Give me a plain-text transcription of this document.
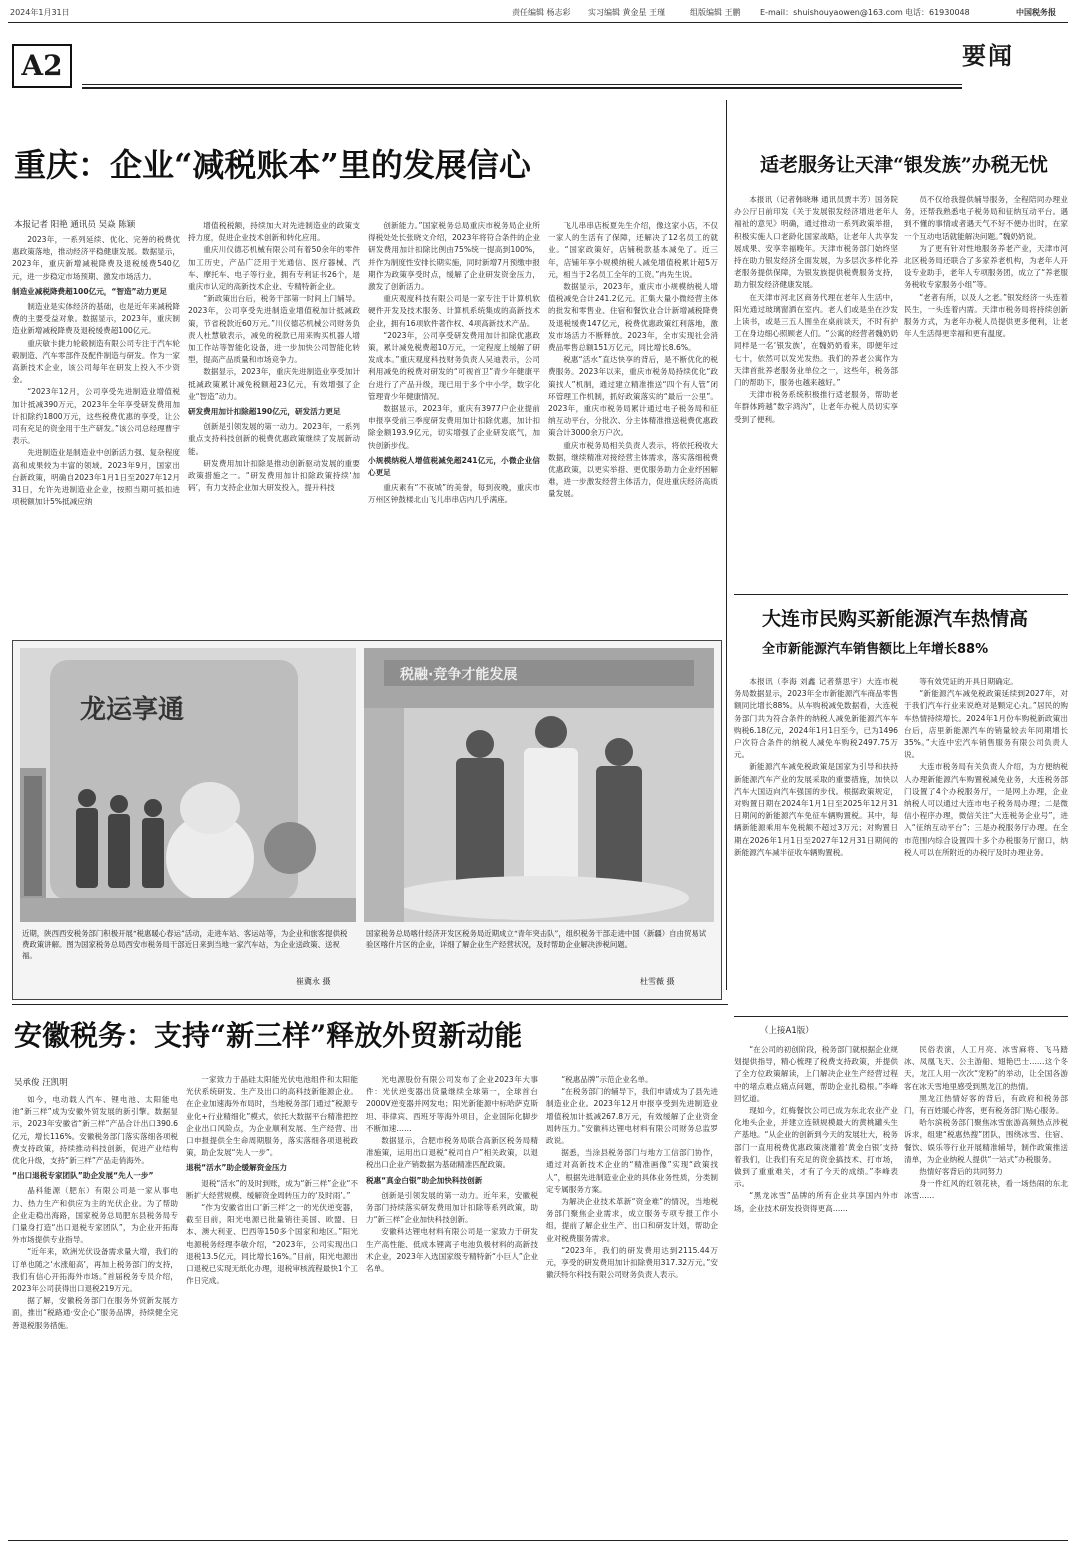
2024年1月31日	责任编辑 杨志彩 实习编辑 黄金星 王瑾	组版编辑 王鹏 E-mail：shuishouyaowen@163.com 电话：61930048	中国税务报
A2	要闻
重庆：企业“减税账本”里的发展信心
本报记者 阳艳 通讯员 吴焱 陈颖

2023年，一系列延续、优化、完善的税费优惠政策落地，推动经济平稳健康发展。数据显示，2023年，重庆新增减税降费及退税缓费540亿元，进一步稳定市场预期、激发市场活力。

制造业减税降费超100亿元，“智造”动力更足

制造业是实体经济的基础，也是近年来减税降费的主要受益对象。数据显示，2023年，重庆制造业新增减税降费及退税缓费超100亿元。

重庆敏卡捷力轮毂制造有限公司专注于汽车轮毂制造、汽车零部件及配件制造与研发。作为一家高新技术企业，该公司每年在研发上投入不少资金。

“2023年12月，公司享受先进制造业增值税加计抵减390万元，2023年全年享受研发费用加计扣除约1800万元，这些税费优惠的享受，让公司有充足的资金用于生产研发。”该公司总经理曹宇表示。

先进制造业是制造业中创新活力强、复杂程度高和成果较为丰富的领域。2023年9月，国家出台新政策，明确自2023年1月1日至2027年12月31日，允许先进制造业企业，按照当期可抵扣进项税额加计5%抵减应纳

增值税税额，持续加大对先进制造业的政策支持力度，促进企业技术创新和转化应用。

重庆川仪德芯机械有限公司有着50余年的零件加工历史，产品广泛用于光通信、医疗器械、汽车、摩托车、电子等行业，拥有专利证书26个，是重庆市认定的高新技术企业、专精特新企业。

“新政策出台后，税务干部第一时间上门辅导。2023年，公司享受先进制造业增值税加计抵减政策，节省税款近60万元。”川仪德芯机械公司财务负责人杜慧敏表示，减免的税款已用来购买机器人增加工作站等智能化设备，进一步加快公司智能化转型，提高产品质量和市场竞争力。

数据显示，2023年，重庆先进制造业享受加计抵减政策累计减免税额超23亿元，有效增强了企业“智造”动力。

研发费用加计扣除超190亿元，研发活力更足

创新是引领发展的第一动力。2023年，一系列重点支持科技创新的税费优惠政策继续了发展新动能。

研发费用加计扣除是推动创新驱动发展的重要政策措施之一。“研发费用加计扣除政策持续‘加码’，有力支持企业加大研发投入，提升科技

创新能力。”国家税务总局重庆市税务局企业所得税处处长张晓文介绍，2023年将符合条件的企业研发费用加计扣除比例由75%统一提高到100%，并作为制度性安排长期实施，同时新增7月预缴申报期作为政策享受时点，缓解了企业研发资金压力，激发了创新活力。

重庆观度科技有限公司是一家专注于计算机软硬件开发及技术服务、计算机系统集成的高新技术企业，拥有16项软件著作权、4项高新技术产品。

“2023年，公司享受研发费用加计扣除优惠政策，累计减免税费超10万元，一定程度上缓解了研发成本。”重庆观度科技财务负责人吴迪表示，公司利用减免的税费对研发的“可视首卫”青少年健康平台进行了产品升级，现已用于多个中小学，数字化管理青少年健康情况。

数据显示，2023年，重庆有3977户企业提前申报享受前三季度研发费用加计扣除优惠，加计扣除金额193.9亿元，切实增强了企业研发底气，加快创新步伐。

小规模纳税人增值税减免超241亿元，小微企业信心更足

重庆素有“不夜城”的美誉，每到夜晚，重庆市万州区钟鼓楼北山飞儿串串店内几乎满座。

飞儿串串店板夏先生介绍，像这家小店，不仅一家人的生活有了保障，还解决了12名员工的就业。“国家政策好，店铺税款基本减免了。近三年，店铺年享小规模纳税人减免增值税累计超5万元，相当于2名员工全年的工资。”冉先生说。

数据显示，2023年，重庆市小规模纳税人增值税减免合计241.2亿元。汇集大量小微经营主体的批发和零售业、住宿和餐饮业合计新增减税降费及退税缓费147亿元，税费优惠政策红利落地，激发市场活力不断释放。2023年，全市实现社会消费品零售总额151万亿元，同比增长8.6%。

税惠“活水”直达快享的背后，是不断优化的税费服务。2023年以来，重庆市税务局持续优化“政策找人”机制，通过建立精准推送“四个有人管”闭环管理工作机制，抓好政策落实的“最后一公里”。2023年，重庆市税务局累计通过电子税务局和征纳互动平台，分批次、分主体精准推送税费优惠政策合计3000余万户次。

重庆市税务局相关负责人表示，将依托税收大数据，继续精准对接经营主体需求，落实落细税费优惠政策，以更实举措、更优服务助力企业纾困解难，进一步激发经营主体活力，促进重庆经济高质量发展。

适老服务让天津“银发族”办税无忧

本报讯（记者韩晓琳 通讯员贾丰芳）国务院办公厅日前印发《关于发展银发经济增进老年人福祉的意见》明确，通过推动一系列政策举措，积极实施人口老龄化国家战略，让老年人共享发展成果、安享幸福晚年。天津市税务部门始终坚持在助力银发经济全面发展，为多层次多样化养老服务提供保障，为银发族提供税费服务支持，助力银发经济健康发展。

在天津市河北区商务代理在老年人生活中，阳光通过玻璃窗洒在室内。老人们或是坐在沙发上读书，或是三五人围坐在桌前谈天，不时有护工在身边细心照顾老人们。“公寓的经营者魏奶奶同样是一名‘银发族’，在魏奶奶看来，即便年过七十，依然可以发光发热。我们的养老公寓作为天津首批养老服务业单位之一，这些年，税务部门的帮助下，服务也越来越好。”

天津市税务系统积极推行适老服务，帮助老年群体跨越“数字鸿沟”，让老年办税人员切实享受到了便利。

员不仅给我提供辅导服务，全程陪同办理业务，还帮我熟悉电子税务局和征纳互动平台。遇到不懂的事情或者遇天气不好不便办出时，在家一个互动电话就能解决问题。”魏奶奶说。

为了更有针对性地服务养老产业，天津市河北区税务局还联合了多家养老机构，为老年人开设专业助手，老年人专项服务团，成立了“养老服务税收专家服务小组”等。

“老者有所，以及人之老。”银发经济一头连着民生，一头连着内需。天津市税务局将持续创新服务方式，为老年办税人员提供更多便利，让老年人生活得更幸福和更有温度。

大连市民购买新能源汽车热情高
全市新能源汽车销售额比上年增长88%

本报讯（李海 刘鑫 记者蔡思宇）大连市税务局数据显示，2023年全市新能源汽车商品零售额同比增长88%。从车购税减免数据看，大连税务部门共为符合条件的纳税人减免新能源汽车车购税6.18亿元，2024年1月1日至今，已为1496户次符合条件的纳税人减免车购税2497.75万元。

新能源汽车减免税政策是国家为引导和扶持新能源汽车产业的发展采取的重要措施，加快以汽车大国迈向汽车强国的步伐。根据政策规定，对购置日期在2024年1月1日至2025年12月31日期间的新能源汽车免征车辆购置税。其中，每辆新能源乘用车免税额不超过3万元；对购置日期在2026年1月1日至2027年12月31日期间的新能源汽车减半征收车辆购置税。

等有效凭证的开具日期确定。

“新能源汽车减免税政策延续到2027年，对于我们汽车行业来说绝对是颗定心丸。”居民的购车热情持续增长。2024年1月份车购税新政策出台后，店里新能源汽车的销量较去年同期增长35%。”大连中宏汽车销售服务有限公司负责人说。

大连市税务局有关负责人介绍，为方便纳税人办理新能源汽车购置税减免业务，大连税务部门设置了4个办税服务厅，一是网上办理，企业纳税人可以通过大连市电子税务局办理；二是微信小程序办理，微信关注“大连税务企业号”，进入“征纳互动平台”；三是办税服务厅办理。在全市范围内综合设置四十多个办税服务厅窗口，纳税人可以在所附近的办税厅及时办理业务。

龙运享通
近期，陕西西安税务部门积极开展“税惠暖心春运”活动，走进车站、客运站等，为企业和旅客提供税费政策讲解。图为国家税务总局西安市税务局干部近日来到当地一家汽车站，为企业送政策、送祝福。
崔冀永 摄
税融·竞争才能发展
国家税务总局喀什经济开发区税务局近期成立“青年突击队”，组织税务干部走进中国（新疆）自由贸易试验区喀什片区的企业，详细了解企业生产经营状况，及时帮助企业解决涉税问题。
杜雪薇 摄
安徽税务：支持“新三样”释放外贸新动能
吴承俊 汪凯明

如今，电动载人汽车、锂电池、太阳能电池“新三样”成为安徽外贸发展的新引擎。数据显示，2023年安徽省“新三样”产品合计出口390.6亿元，增长116%。安徽税务部门落实落细各项税费支持政策，持续推动科技创新，促进产业结构优化升级，支持“新三样”产品走俏海外。

“出口退税专家团队”助企发展“先人一步”

晶科能源（肥东）有限公司是一家从事电力、热力生产和供应为主的光伏企业。为了帮助企业走稳出海路，国家税务总局肥东县税务局专门量身打造“出口退税专家团队”，为企业开拓海外市场提供专业指导。

“近年来，欧洲光伏设备需求量大增，我们的订单也随之‘水涨船高’，再加上税务部门的支持，我们有信心开拓海外市场。”首届税务专员介绍，2023年公司获得出口退税219万元。

据了解，安徽税务部门在服务外贸新发展方面，推出“税路通·安企心”服务品牌，持续健全完善退税服务措施。

一家致力于晶硅太阳能光伏电池组件和太阳能光伏系统研发、生产及出口的高科技新能源企业。在企业加速海外布局时，当地税务部门通过“税源专业化+行业精细化”模式，依托大数据平台精准把控企业出口风险点，为企业顺利发展、生产经营、出口申报提供全生命周期服务，落实落细各项退税政策，助企发展“先人一步”。

退税“活水”助企缓解资金压力

退税“活水”的及时到账，成为“新三样”企业“不断扩大经营规模、缓解资金周转压力的‘及时雨’。”

“作为安徽省出口‘新三样’之一的光伏逆变器，截至目前，阳光电源已批量销往美国、欧盟、日本、澳大利亚、巴西等150多个国家和地区。”阳光电源税务经理李敏介绍，“2023年，公司实现出口退税13.5亿元，同比增长16%。”目前，阳光电源出口退税已实现无纸化办理，退税审核流程最快1个工作日完成。

光电源股份有限公司发布了企业2023年大事件：光伏逆变器出货量继续全球第一，全球首台2000V逆变器并网发电；阳光新能源中标哈萨克斯坦、菲律宾、西班牙等海外项目，企业国际化脚步不断加速……

数据显示，合肥市税务局联合高新区税务局精准施策，运用出口退税“税司自户”相关政策，以退税出口企业产销数据为基础精准匹配政策。

税惠“真金白银”助企加快科技创新

创新是引领发展的第一动力。近年来，安徽税务部门持续落实研发费用加计扣除等系列政策，助力“新三样”企业加快科技创新。

安徽科达锂电材料有限公司是一家致力于研发生产高性能、低成本锂离子电池负极材料的高新技术企业，2023年入选国家级专精特新“小巨人”企业名单。

“税惠品牌”示范企业名单。

“在税务部门的辅导下，我们申请成为了县先进制造业企业。2023年12月申报享受到先进制造业增值税加计抵减267.8万元，有效缓解了企业资金周转压力。”安徽科达锂电材料有限公司财务总监罗政说。

据悉，当涂县税务部门与地方工信部门协作，通过对高新技术企业的“精准画像”实现“政策找人”，根据先进制造业企业的具体业务性质，分类制定专属服务方案。

为解决企业技术革新“资金难”的情况，当地税务部门聚焦企业需求，成立服务专项专报工作小组，提前了解企业生产、出口和研发计划，帮助企业对税费服务需求。

“2023年，我们的研发费用达到2115.44万元，享受的研发费用加计扣除费用317.32万元。”安徽沃特尔科技有限公司财务负责人表示。

（上接A1版）

“在公司的初创阶段，税务部门就根据企业规划提供指导，精心梳理了税费支持政策，并提供了全方位政策解读，上门解决企业生产经营过程中的堵点难点痛点问题，帮助企业扎稳根。”李峰回忆道。

现如今，红梅餐饮公司已成为东北农业产业化地头企业，并建立连锁规模最大的黄桃罐头生产基地。“从企业的创新到今天的发展壮大，税务部门一直用税费优惠政策浇灌着‘黄金白银’支持着我们，让我们有充足的资金搞技术、打市场，做到了重重难关，才有了今天的成绩。”李峰表示。

“黑龙冰雪”品牌的所有企业共享国内外市场，企业技术研发投资得更高……

民俗表演，人工月亮、冰雪麻将、飞马踏冰、凤凰飞天、公主游船、翅艳巴士……这个冬天，龙江人用一次次“宠粉”的举动，让全国各游客在冰天雪地里感受到黑龙江的热情。

黑龙江热情好客的背后，有政府和税务部门，有百姓暖心待客，更有税务部门贴心服务。

哈尔滨税务部门聚焦冰雪旅游高频热点涉税诉求，组建“税惠热搜”团队，围绕冰雪、住宿、餐饮、娱乐等行业开展精准辅导，制作政策推送清单，为企业纳税人提供“一站式”办税服务。

热情好客背后的共同努力

身一件红风的红领花袂，看一场热闹的东北冰雪……
